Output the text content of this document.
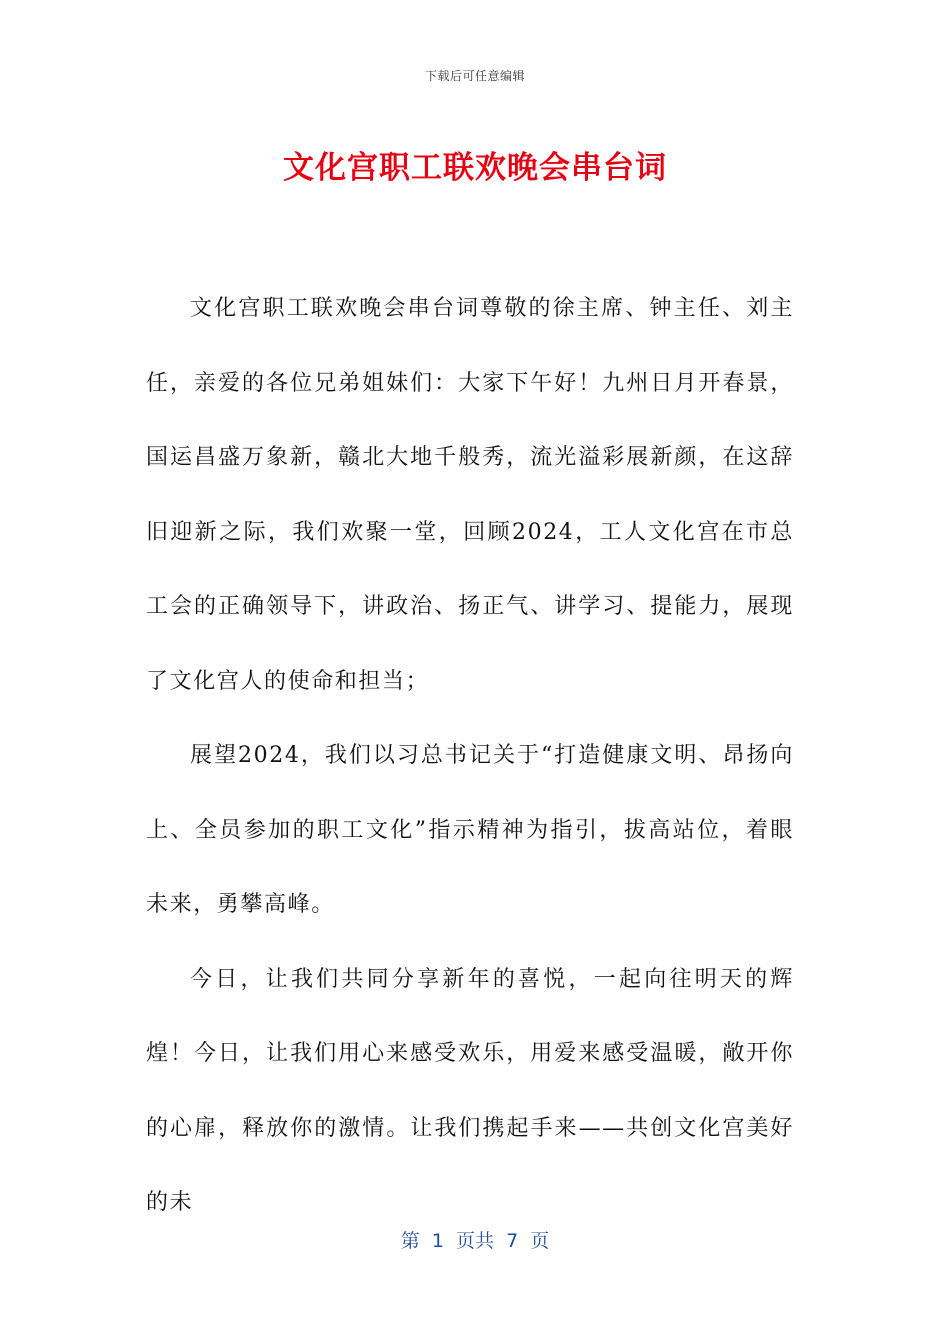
下载后可任意编辑
文化宫职工联欢晚会串台词

文化宫职工联欢晚会串台词尊敬的徐主席、钟主任、刘主任，亲爱的各位兄弟姐妹们：大家下午好！九州日月开春景，国运昌盛万象新，赣北大地千般秀，流光溢彩展新颜，在这辞旧迎新之际，我们欢聚一堂，回顾2024，工人文化宫在市总工会的正确领导下，讲政治、扬正气、讲学习、提能力，展现了文化宫人的使命和担当；

展望2024，我们以习总书记关于“打造健康文明、昂扬向上、全员参加的职工文化”指示精神为指引，拔高站位，着眼未来，勇攀高峰。

今日，让我们共同分享新年的喜悦，一起向往明天的辉煌！今日，让我们用心来感受欢乐，用爱来感受温暖，敞开你的心扉，释放你的激情。让我们携起手来——共创文化宫美好的未

第  1  页共  7  页
